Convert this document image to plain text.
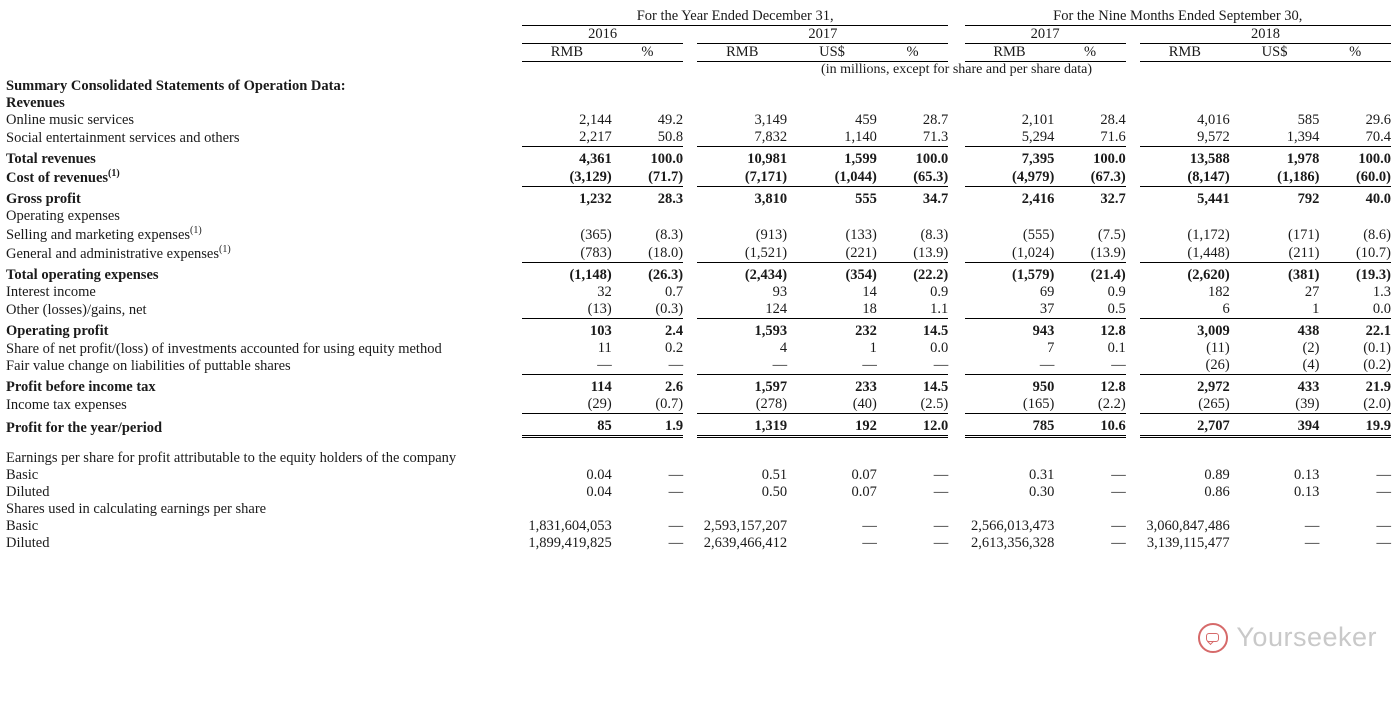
		For the Year Ended December 31,							For the Nine Months Ended September 30,					
		2016			2017				2017			2018		
		RMB	%		RMB	US$	%		RMB	%		RMB	US$	%
		(in millions, except for share and per share data)												
Summary Consolidated Statements of Operation Data:														
Revenues														
Online music services		2,144	49.2		3,149	459	28.7		2,101	28.4		4,016	585	29.6
Social entertainment services and others		2,217	50.8		7,832	1,140	71.3		5,294	71.6		9,572	1,394	70.4

Total revenues		4,361	100.0		10,981	1,599	100.0		7,395	100.0		13,588	1,978	100.0
Cost of revenues$^{(1)}$		(3,129)	(71.7)		(7,171)	(1,044)	(65.3)		(4,979)	(67.3)		(8,147)	(1,186)	(60.0)

Gross profit		1,232	28.3		3,810	555	34.7		2,416	32.7		5,441	792	40.0
Operating expenses														
Selling and marketing expenses$^{(1)}$		(365)	(8.3)		(913)	(133)	(8.3)		(555)	(7.5)		(1,172)	(171)	(8.6)
General and administrative expenses$^{(1)}$		(783)	(18.0)		(1,521)	(221)	(13.9)		(1,024)	(13.9)		(1,448)	(211)	(10.7)

Total operating expenses		(1,148)	(26.3)		(2,434)	(354)	(22.2)		(1,579)	(21.4)		(2,620)	(381)	(19.3)
Interest income		32	0.7		93	14	0.9		69	0.9		182	27	1.3
Other (losses)/gains, net		(13)	(0.3)		124	18	1.1		37	0.5		6	1	0.0

Operating profit		103	2.4		1,593	232	14.5		943	12.8		3,009	438	22.1
Share of net profit/(loss) of investments accounted for using equity method		11	0.2		4	1	0.0		7	0.1		(11)	(2)	(0.1)
Fair value change on liabilities of puttable shares		—	—		—	—	—		—	—		(26)	(4)	(0.2)

Profit before income tax		114	2.6		1,597	233	14.5		950	12.8		2,972	433	21.9
Income tax expenses		(29)	(0.7)		(278)	(40)	(2.5)		(165)	(2.2)		(265)	(39)	(2.0)

Profit for the year/period		85	1.9		1,319	192	12.0		785	10.6		2,707	394	19.9

Earnings per share for profit attributable to the equity holders of the company														
Basic		0.04	—		0.51	0.07	—		0.31	—		0.89	0.13	—
Diluted		0.04	—		0.50	0.07	—		0.30	—		0.86	0.13	—
Shares used in calculating earnings per share														
Basic		1,831,604,053	—		2,593,157,207	—	—		2,566,013,473	—		3,060,847,486	—	—
Diluted		1,899,419,825	—		2,639,466,412	—	—		2,613,356,328	—		3,139,115,477	—	—
Yourseeker
